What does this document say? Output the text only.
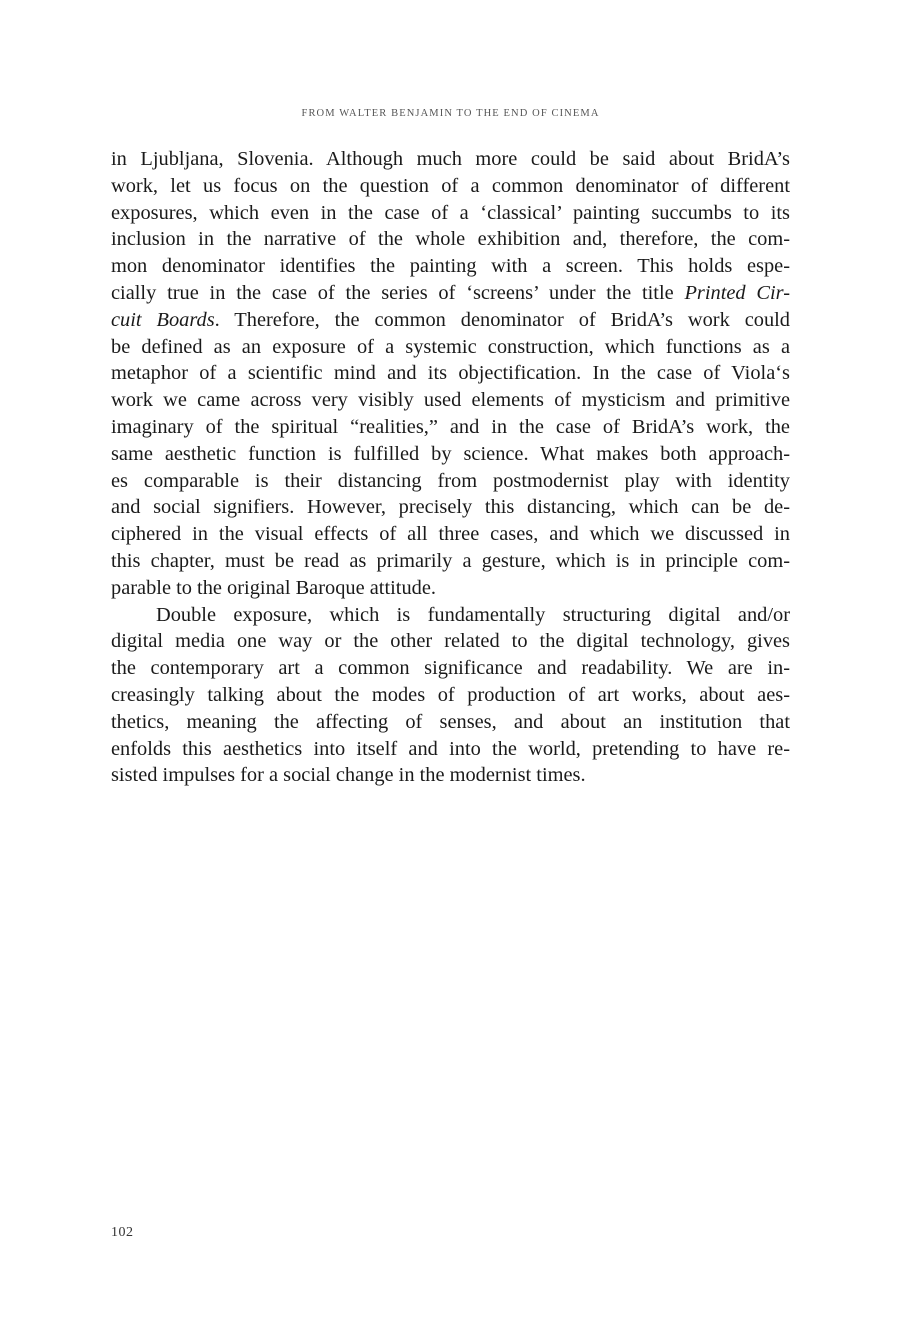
FROM WALTER BENJAMIN TO THE END OF CINEMA
in Ljubljana, Slovenia. Although much more could be said about BridA’s
work, let us focus on the question of a common denominator of different
exposures, which even in the case of a ‘classical’ painting succumbs to its
inclusion in the narrative of the whole exhibition and, therefore, the com-
mon denominator identifies the painting with a screen. This holds espe-
cially true in the case of the series of ‘screens’ under the title Printed Cir-
cuit Boards. Therefore, the common denominator of BridA’s work could
be defined as an exposure of a systemic construction, which functions as a
metaphor of a scientific mind and its objectification. In the case of Viola‘s
work we came across very visibly used elements of mysticism and primitive
imaginary of the spiritual “realities,” and in the case of BridA’s work, the
same aesthetic function is fulfilled by science. What makes both approach-
es comparable is their distancing from postmodernist play with identity
and social signifiers. However, precisely this distancing, which can be de-
ciphered in the visual effects of all three cases, and which we discussed in
this chapter, must be read as primarily a gesture, which is in principle com-
parable to the original Baroque attitude.
Double exposure, which is fundamentally structuring digital and/or
digital media one way or the other related to the digital technology, gives
the contemporary art a common significance and readability. We are in-
creasingly talking about the modes of production of art works, about aes-
thetics, meaning the affecting of senses, and about an institution that
enfolds this aesthetics into itself and into the world, pretending to have re-
sisted impulses for a social change in the modernist times.
102
